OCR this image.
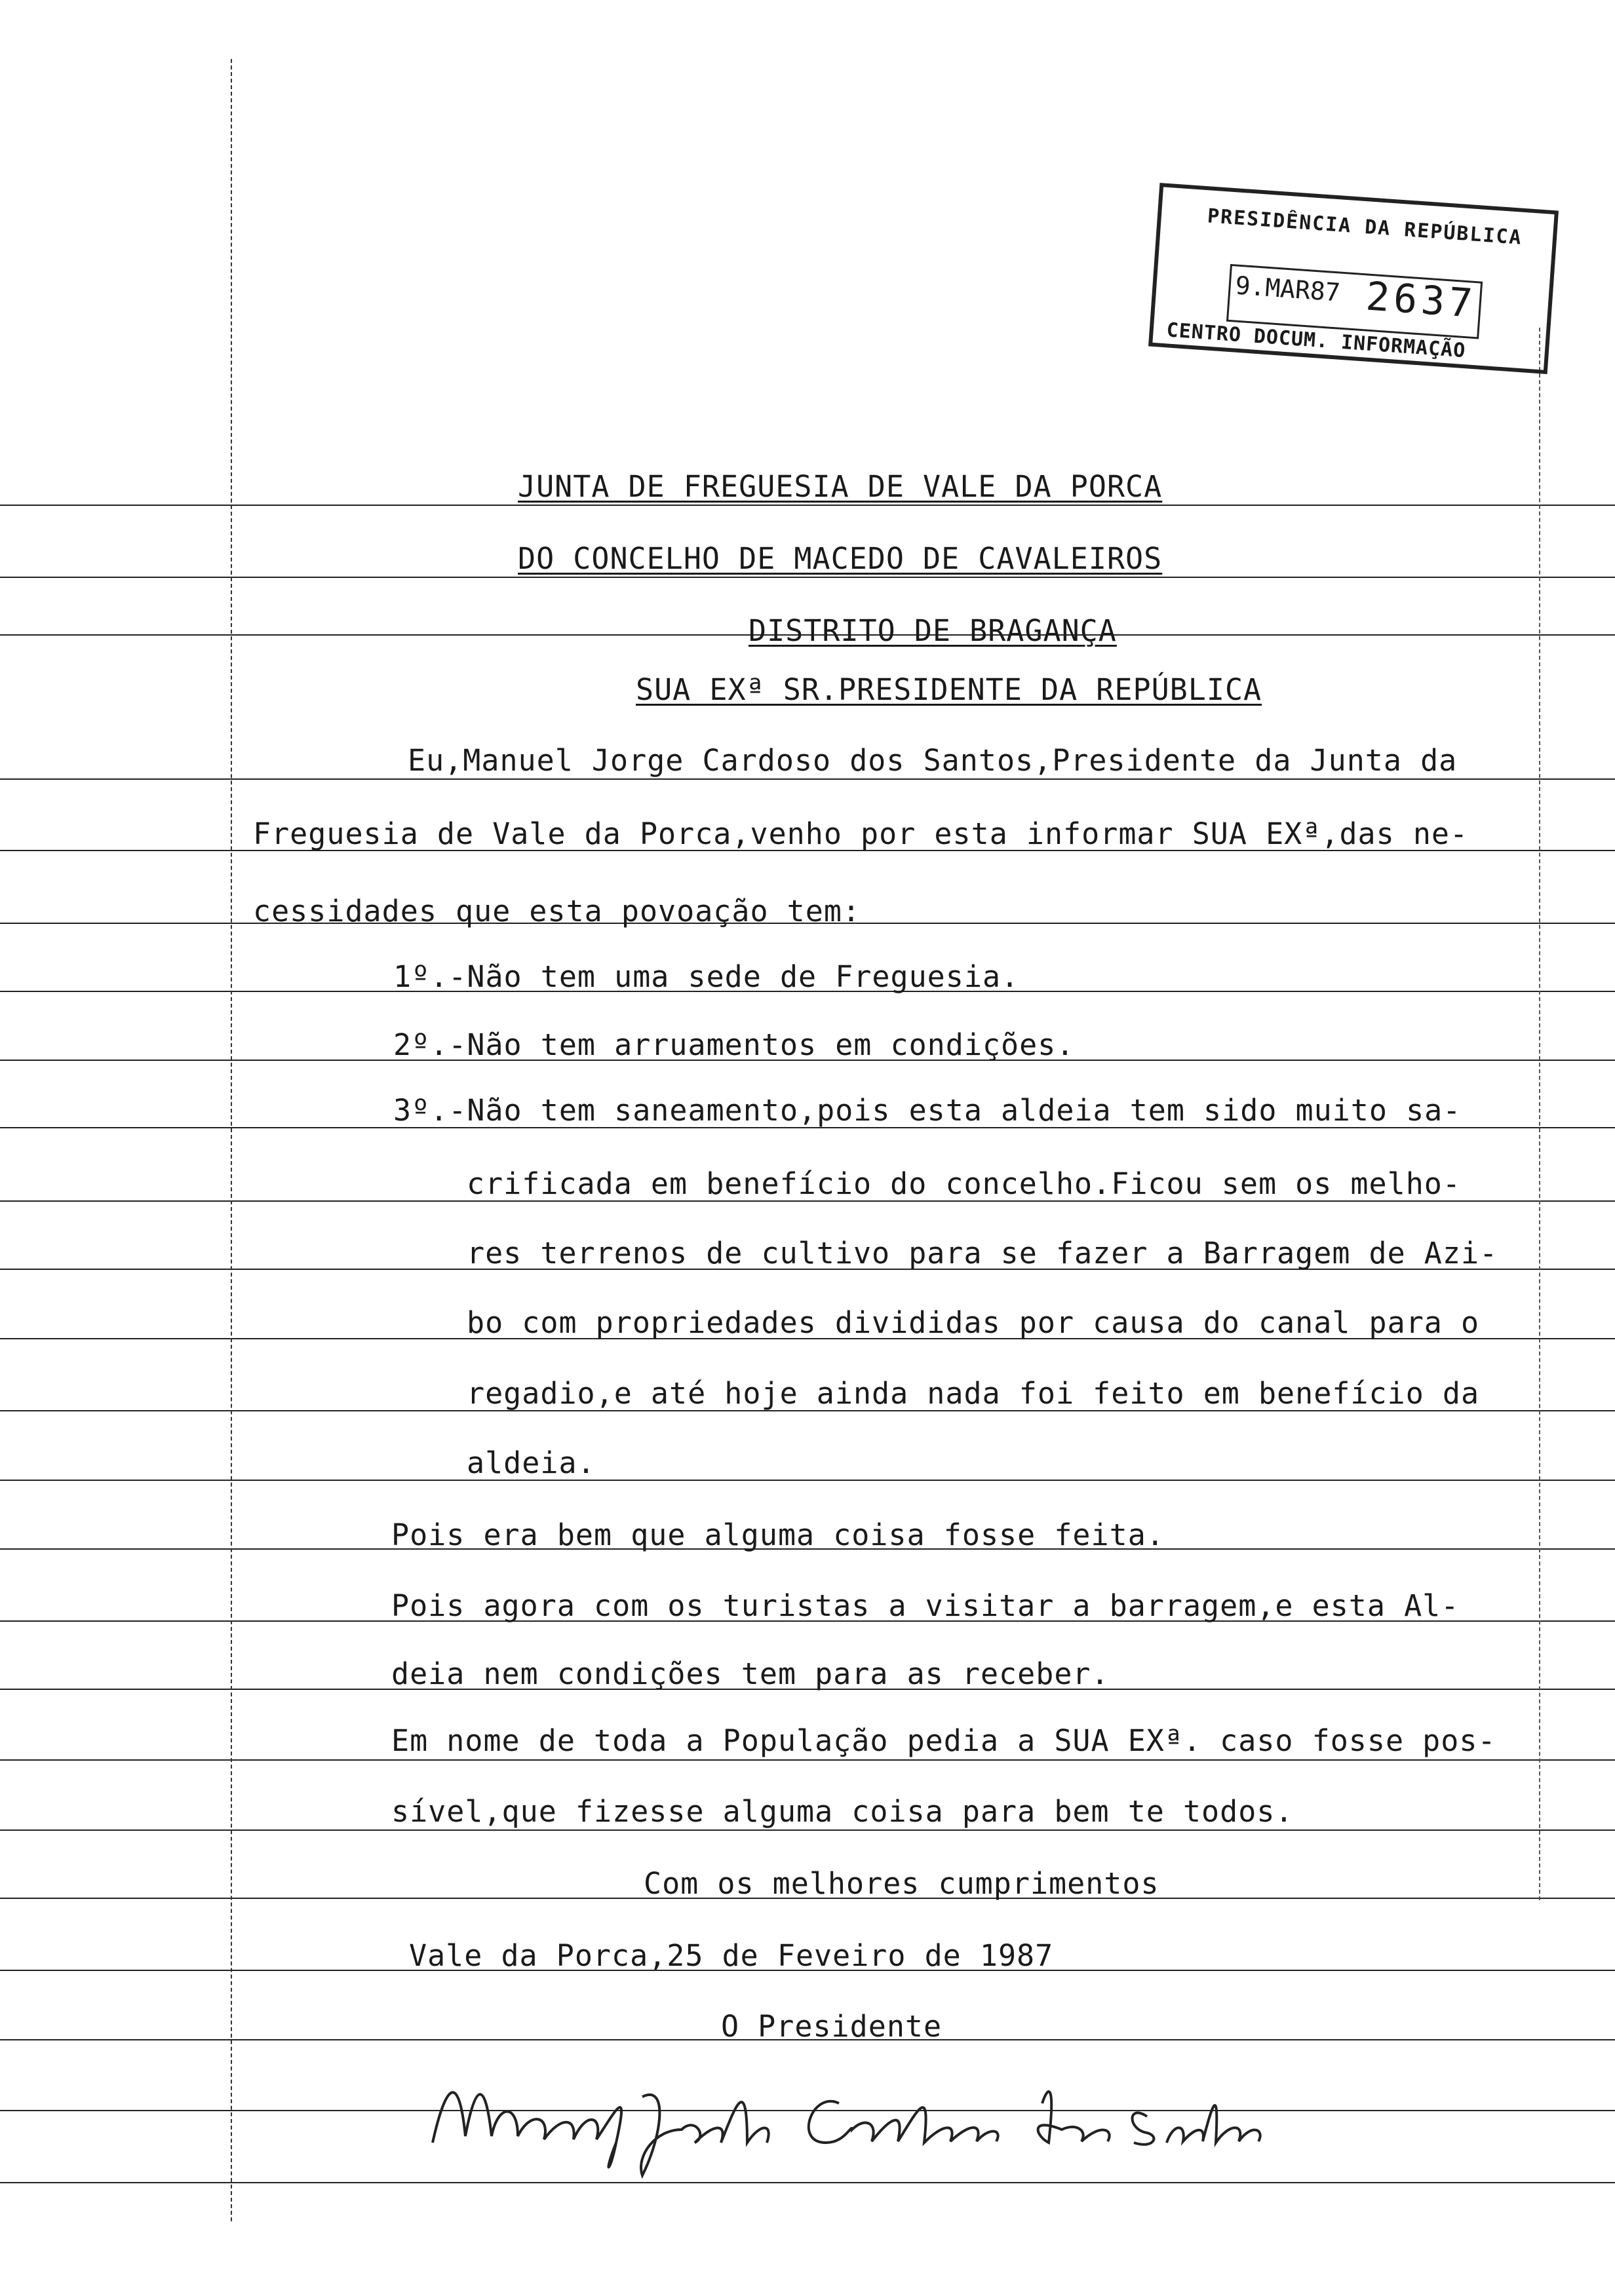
PRESIDÊNCIA DA REPÚBLICA
9.MAR87 2637
CENTRO DOCUM. INFORMAÇÃO
JUNTA DE FREGUESIA DE VALE DA PORCA
DO CONCELHO DE MACEDO DE CAVALEIROS
DISTRITO DE BRAGANÇA
SUA EXª SR.PRESIDENTE DA REPÚBLICA
Eu,Manuel Jorge Cardoso dos Santos,Presidente da Junta da
Freguesia de Vale da Porca,venho por esta informar SUA EXª,das ne-
cessidades que esta povoação tem:
1º.-Não tem uma sede de Freguesia.
2º.-Não tem arruamentos em condições.
3º.-Não tem saneamento,pois esta aldeia tem sido muito sa-
crificada em benefício do concelho.Ficou sem os melho-
res terrenos de cultivo para se fazer a Barragem de Azi-
bo com propriedades divididas por causa do canal para o
regadio,e até hoje ainda nada foi feito em benefício da
aldeia.
Pois era bem que alguma coisa fosse feita.
Pois agora com os turistas a visitar a barragem,e esta Al-
deia nem condições tem para as receber.
Em nome de toda a População pedia a SUA EXª. caso fosse pos-
sível,que fizesse alguma coisa para bem te todos.
Com os melhores cumprimentos
Vale da Porca,25 de Feveiro de 1987
O Presidente
